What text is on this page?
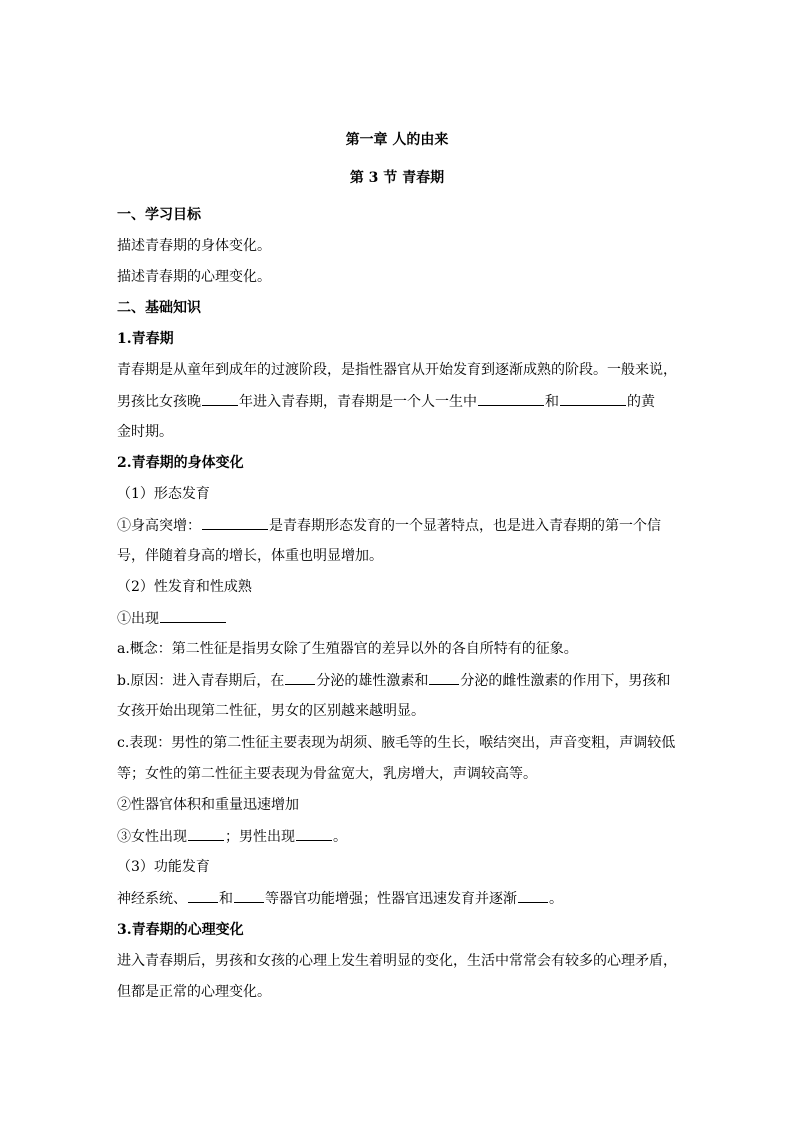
第一章 人的由来
第 3 节 青春期
一、学习目标
描述青春期的身体变化。
描述青春期的心理变化。
二、基础知识
1.青春期
青春期是从童年到成年的过渡阶段，是指性器官从开始发育到逐渐成熟的阶段。一般来说，
男孩比女孩晚	年进入青春期，青春期是一个人一生中	和	的黄
金时期。
2.青春期的身体变化
（1）形态发育
①身高突增：	是青春期形态发育的一个显著特点，也是进入青春期的第一个信
号，伴随着身高的增长，体重也明显增加。
（2）性发育和性成熟
①出现
a.概念：第二性征是指男女除了生殖器官的差异以外的各自所特有的征象。
b.原因：进入青春期后，在 分泌的雄性激素和 分泌的雌性激素的作用下，男孩和
女孩开始出现第二性征，男女的区别越来越明显。
c.表现：男性的第二性征主要表现为胡须、腋毛等的生长，喉结突出，声音变粗，声调较低
等；女性的第二性征主要表现为骨盆宽大，乳房增大，声调较高等。
②性器官体积和重量迅速增加
③女性出现	；男性出现	。
（3）功能发育
神经系统、 和 等器官功能增强；性器官迅速发育并逐渐 。
3.青春期的心理变化
进入青春期后，男孩和女孩的心理上发生着明显的变化，生活中常常会有较多的心理矛盾，
但都是正常的心理变化。
